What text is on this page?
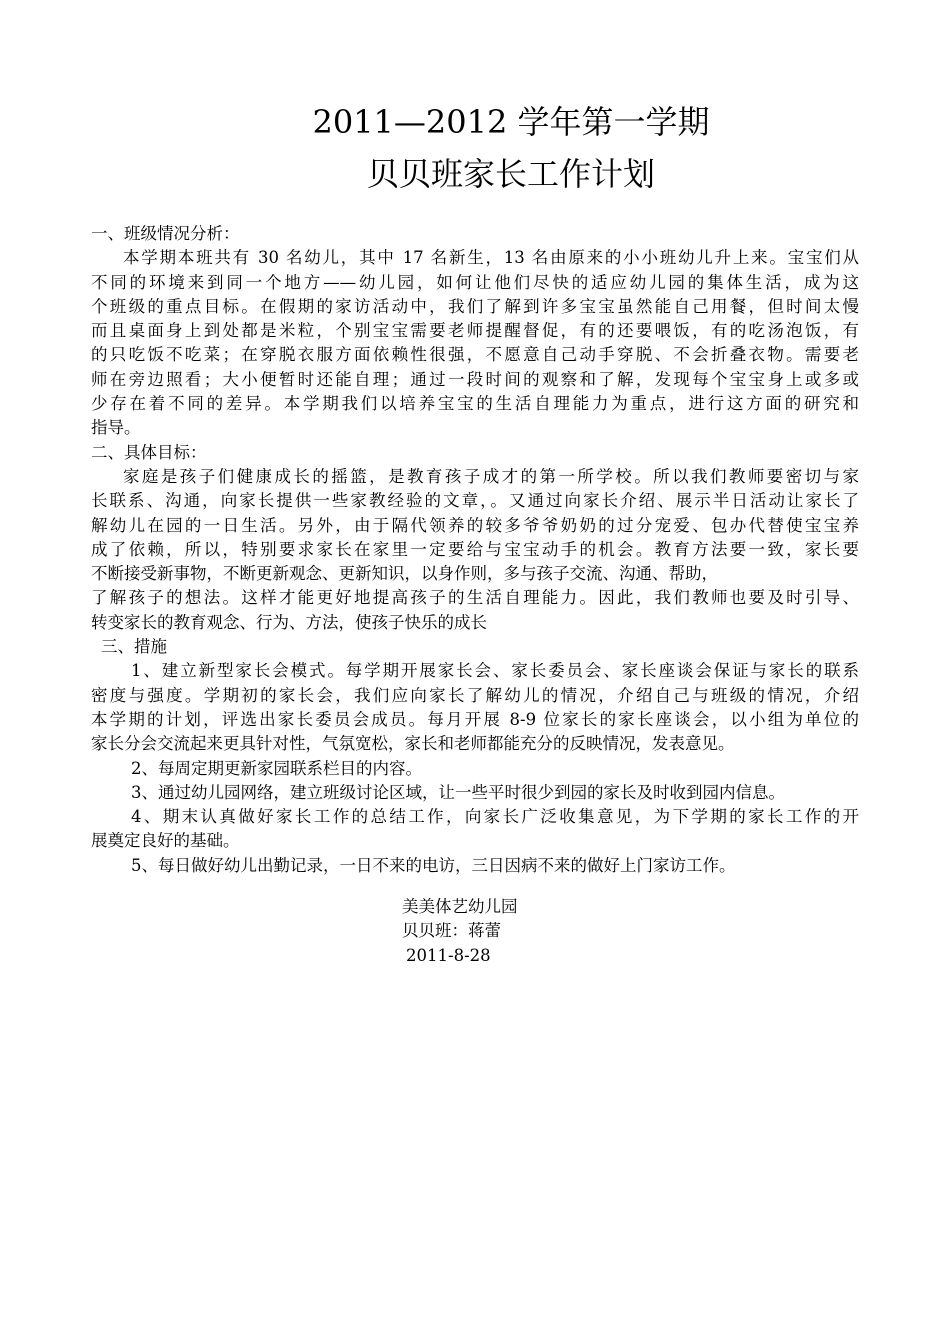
2011—2012 学年第一学期
贝贝班家长工作计划
一、班级情况分析：
本学期本班共有 30 名幼儿，其中 17 名新生，13 名由原来的小小班幼儿升上来。宝宝们从
不同的环境来到同一个地方——幼儿园，如何让他们尽快的适应幼儿园的集体生活，成为这
个班级的重点目标。在假期的家访活动中，我们了解到许多宝宝虽然能自己用餐，但时间太慢
而且桌面身上到处都是米粒，个别宝宝需要老师提醒督促，有的还要喂饭，有的吃汤泡饭，有
的只吃饭不吃菜；在穿脱衣服方面依赖性很强，不愿意自己动手穿脱、不会折叠衣物。需要老
师在旁边照看；大小便暂时还能自理；通过一段时间的观察和了解，发现每个宝宝身上或多或
少存在着不同的差异。本学期我们以培养宝宝的生活自理能力为重点，进行这方面的研究和
指导。
二、具体目标：
家庭是孩子们健康成长的摇篮，是教育孩子成才的第一所学校。所以我们教师要密切与家
长联系、沟通，向家长提供一些家教经验的文章，。又通过向家长介绍、展示半日活动让家长了
解幼儿在园的一日生活。另外，由于隔代领养的较多爷爷奶奶的过分宠爱、包办代替使宝宝养
成了依赖，所以，特别要求家长在家里一定要给与宝宝动手的机会。教育方法要一致，家长要
不断接受新事物，不断更新观念、更新知识，以身作则，多与孩子交流、沟通、帮助，
了解孩子的想法。这样才能更好地提高孩子的生活自理能力。因此，我们教师也要及时引导、
转变家长的教育观念、行为、方法，使孩子快乐的成长
三、措施
1、建立新型家长会模式。每学期开展家长会、家长委员会、家长座谈会保证与家长的联系
密度与强度。学期初的家长会，我们应向家长了解幼儿的情况，介绍自己与班级的情况，介绍
本学期的计划，评选出家长委员会成员。每月开展 8-9 位家长的家长座谈会，以小组为单位的
家长分会交流起来更具针对性，气氛宽松，家长和老师都能充分的反映情况，发表意见。
2、每周定期更新家园联系栏目的内容。
3、通过幼儿园网络，建立班级讨论区域，让一些平时很少到园的家长及时收到园内信息。
4、期末认真做好家长工作的总结工作，向家长广泛收集意见，为下学期的家长工作的开
展奠定良好的基础。
5、每日做好幼儿出勤记录，一日不来的电访，三日因病不来的做好上门家访工作。
美美体艺幼儿园
贝贝班：蒋蕾
2011-8-28
